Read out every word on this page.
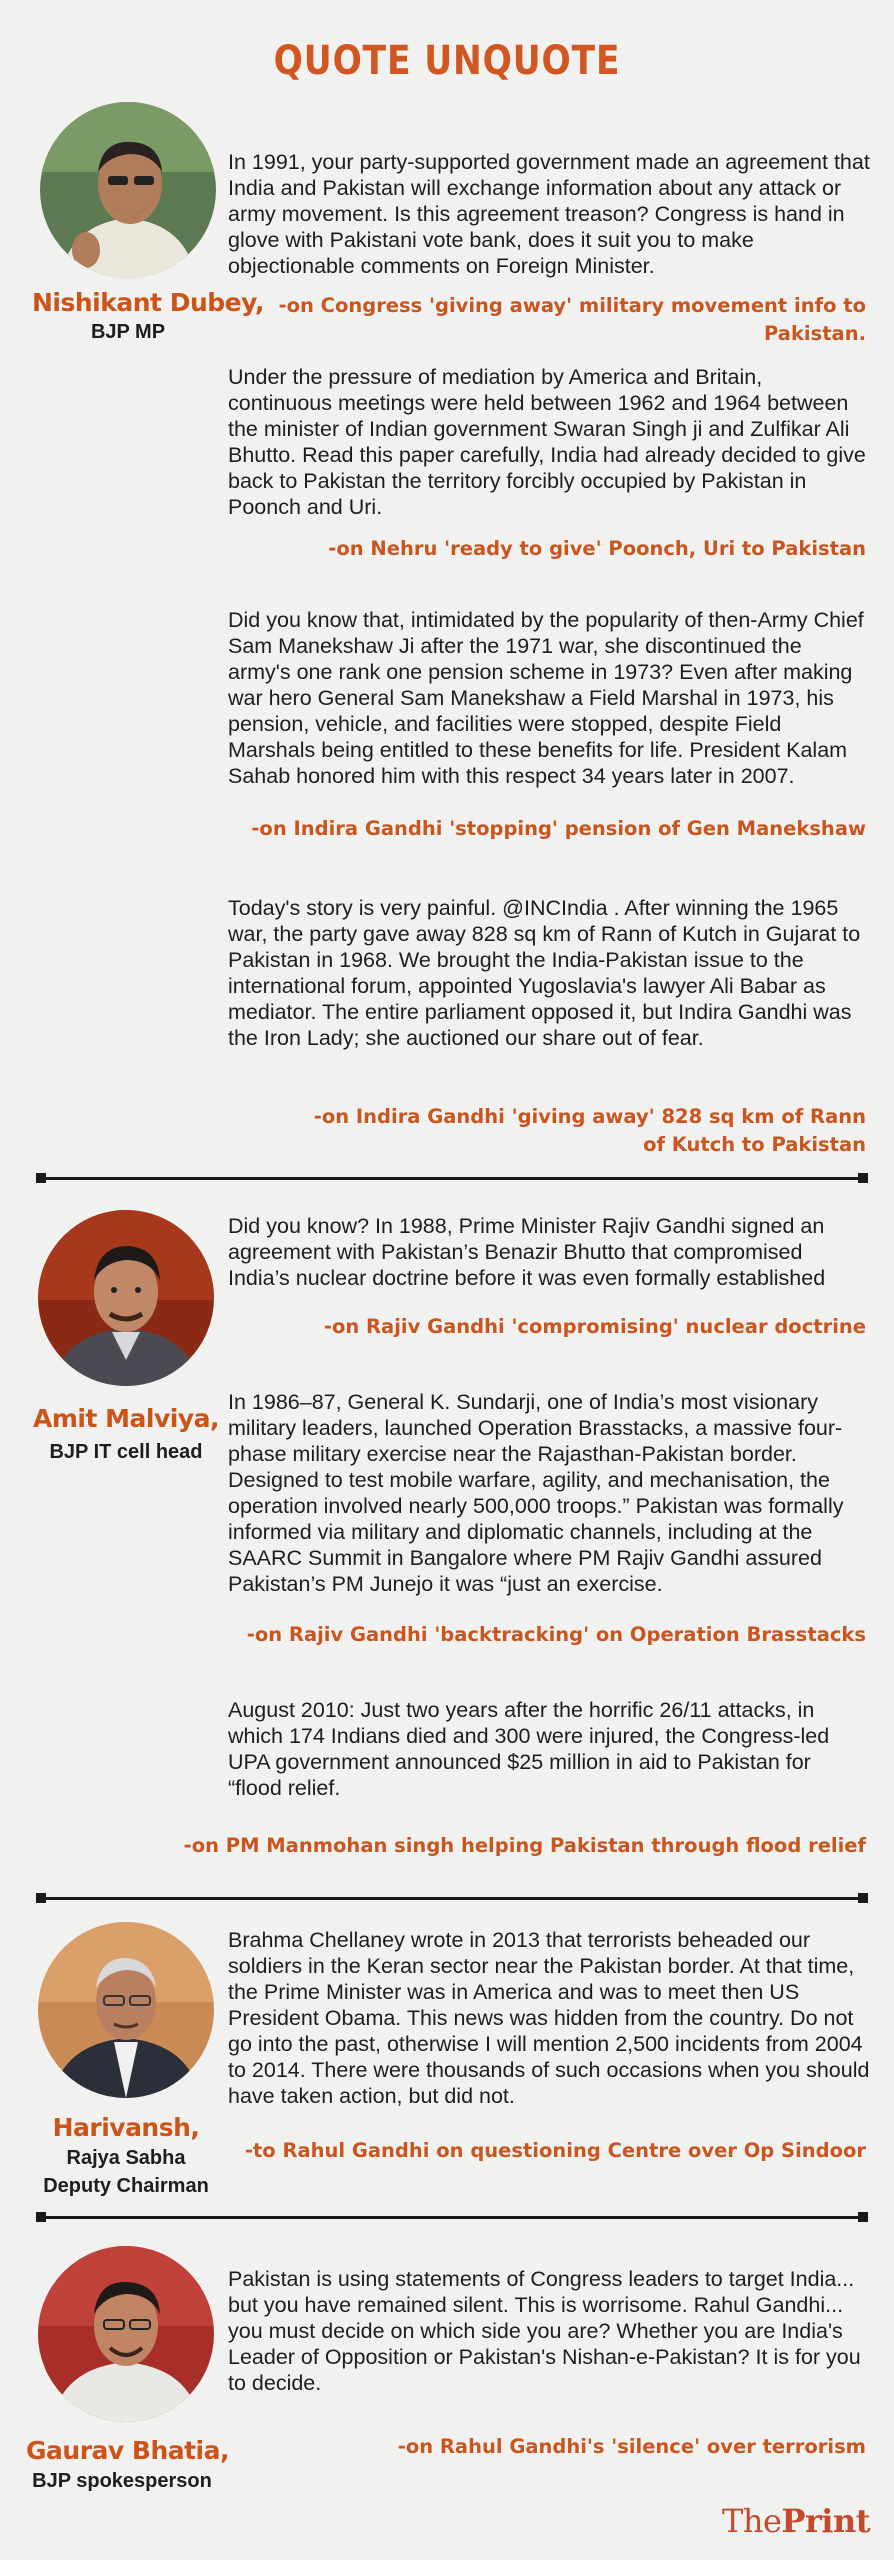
QUOTE UNQUOTE
Nishikant Dubey,
BJP MP
In 1991, your party-supported government made an agreement that India and Pakistan will exchange information about any attack or army movement. Is this agreement treason? Congress is hand in glove with Pakistani vote bank, does it suit you to make objectionable comments on Foreign Minister.
-on Congress 'giving away' military movement info to Pakistan.
Under the pressure of mediation by America and Britain, continuous meetings were held between 1962 and 1964 between the minister of Indian government Swaran Singh ji and Zulfikar Ali Bhutto. Read this paper carefully, India had already decided to give back to Pakistan the territory forcibly occupied by Pakistan in Poonch and Uri.
-on Nehru 'ready to give' Poonch, Uri to Pakistan
Did you know that, intimidated by the popularity of then-Army Chief Sam Manekshaw Ji after the 1971 war, she discontinued the army's one rank one pension scheme in 1973? Even after making war hero General Sam Manekshaw a Field Marshal in 1973, his pension, vehicle, and facilities were stopped, despite Field Marshals being entitled to these benefits for life. President Kalam Sahab honored him with this respect 34 years later in 2007.
-on Indira Gandhi 'stopping' pension of Gen Manekshaw
Today's story is very painful. @INCIndia . After winning the 1965 war, the party gave away 828 sq km of Rann of Kutch in Gujarat to Pakistan in 1968. We brought the India-Pakistan issue to the international forum, appointed Yugoslavia's lawyer Ali Babar as mediator. The entire parliament opposed it, but Indira Gandhi was the Iron Lady; she auctioned our share out of fear.
-on Indira Gandhi 'giving away' 828 sq km of Rann of Kutch to Pakistan
Amit Malviya,
BJP IT cell head
Did you know? In 1988, Prime Minister Rajiv Gandhi signed an agreement with Pakistan’s Benazir Bhutto that compromised India’s nuclear doctrine before it was even formally established
-on Rajiv Gandhi 'compromising' nuclear doctrine
In 1986–87, General K. Sundarji, one of India’s most visionary military leaders, launched Operation Brasstacks, a massive four-phase military exercise near the Rajasthan-Pakistan border. Designed to test mobile warfare, agility, and mechanisation, the operation involved nearly 500,000 troops.” Pakistan was formally informed via military and diplomatic channels, including at the SAARC Summit in Bangalore where PM Rajiv Gandhi assured Pakistan’s PM Junejo it was “just an exercise.
-on Rajiv Gandhi 'backtracking' on Operation Brasstacks
August 2010: Just two years after the horrific 26/11 attacks, in which 174 Indians died and 300 were injured, the Congress-led UPA government announced $25 million in aid to Pakistan for “flood relief.
-on PM Manmohan singh helping Pakistan through flood relief
Harivansh,
Rajya Sabha Deputy Chairman
Brahma Chellaney wrote in 2013 that terrorists beheaded our soldiers in the Keran sector near the Pakistan border. At that time, the Prime Minister was in America and was to meet then US President Obama. This news was hidden from the country. Do not go into the past, otherwise I will mention 2,500 incidents from 2004 to 2014. There were thousands of such occasions when you should have taken action, but did not.
-to Rahul Gandhi on questioning Centre over Op Sindoor
Gaurav Bhatia,
BJP spokesperson
Pakistan is using statements of Congress leaders to target India... but you have remained silent. This is worrisome. Rahul Gandhi... you must decide on which side you are? Whether you are India's Leader of Opposition or Pakistan's Nishan-e-Pakistan? It is for you to decide.
-on Rahul Gandhi's 'silence' over terrorism
ThePrint
